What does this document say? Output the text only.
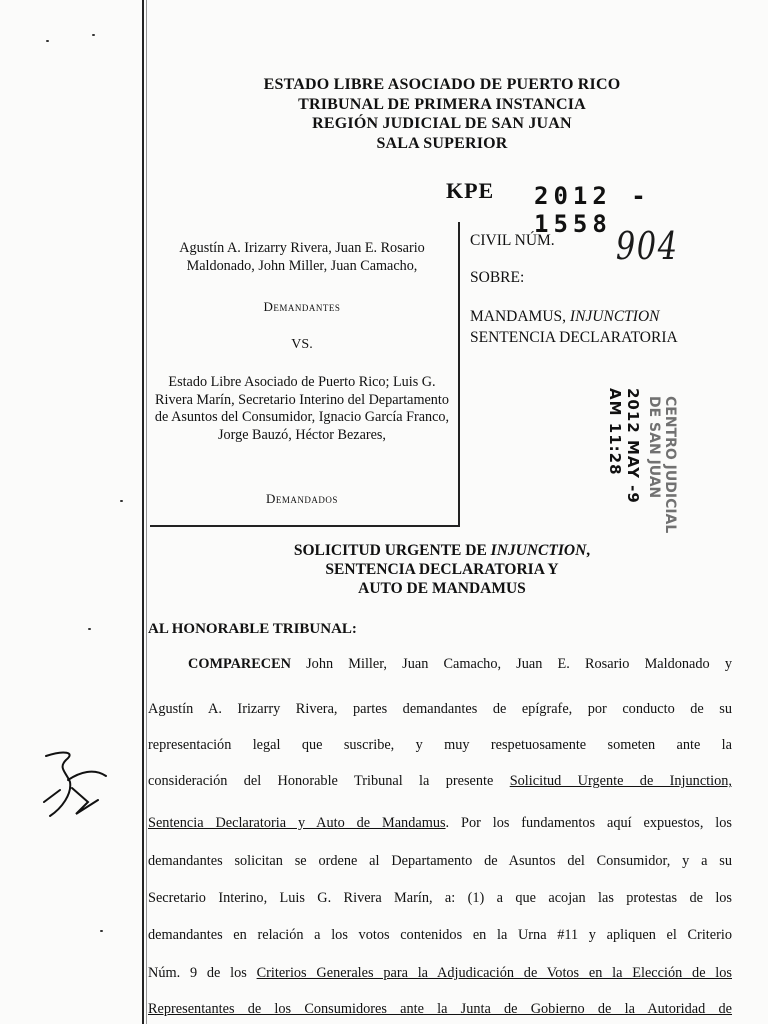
ESTADO LIBRE ASOCIADO DE PUERTO RICO
TRIBUNAL DE PRIMERA INSTANCIA
REGIÓN JUDICIAL DE SAN JUAN
SALA SUPERIOR
KPE 2012 - 1558
Agustín A. Irizarry Rivera, Juan E. Rosario Maldonado, John Miller, Juan Camacho,
Demandantes
VS.
Estado Libre Asociado de Puerto Rico; Luis G. Rivera Marín, Secretario Interino del Departamento de Asuntos del Consumidor, Ignacio García Franco, Jorge Bauzó, Héctor Bezares,
Demandados
CIVIL NÚM. 904
SOBRE:
MANDAMUS, INJUNCTION
SENTENCIA DECLARATORIA
2012 MAY -9 AM 11:28	CENTRO JUDICIAL DE SAN JUAN
SOLICITUD URGENTE DE INJUNCTION,
SENTENCIA DECLARATORIA Y
AUTO DE MANDAMUS
AL HONORABLE TRIBUNAL:
COMPARECEN John Miller, Juan Camacho, Juan E. Rosario Maldonado y
Agustín A. Irizarry Rivera, partes demandantes de epígrafe, por conducto de su
representación legal que suscribe, y muy respetuosamente someten ante la
consideración del Honorable Tribunal la presente Solicitud Urgente de Injunction,
Sentencia Declaratoria y Auto de Mandamus. Por los fundamentos aquí expuestos, los
demandantes solicitan se ordene al Departamento de Asuntos del Consumidor, y a su
Secretario Interino, Luis G. Rivera Marín, a: (1) a que acojan las protestas de los
demandantes en relación a los votos contenidos en la Urna #11 y apliquen el Criterio
Núm. 9 de los Criterios Generales para la Adjudicación de Votos en la Elección de los
Representantes de los Consumidores ante la Junta de Gobierno de la Autoridad de
